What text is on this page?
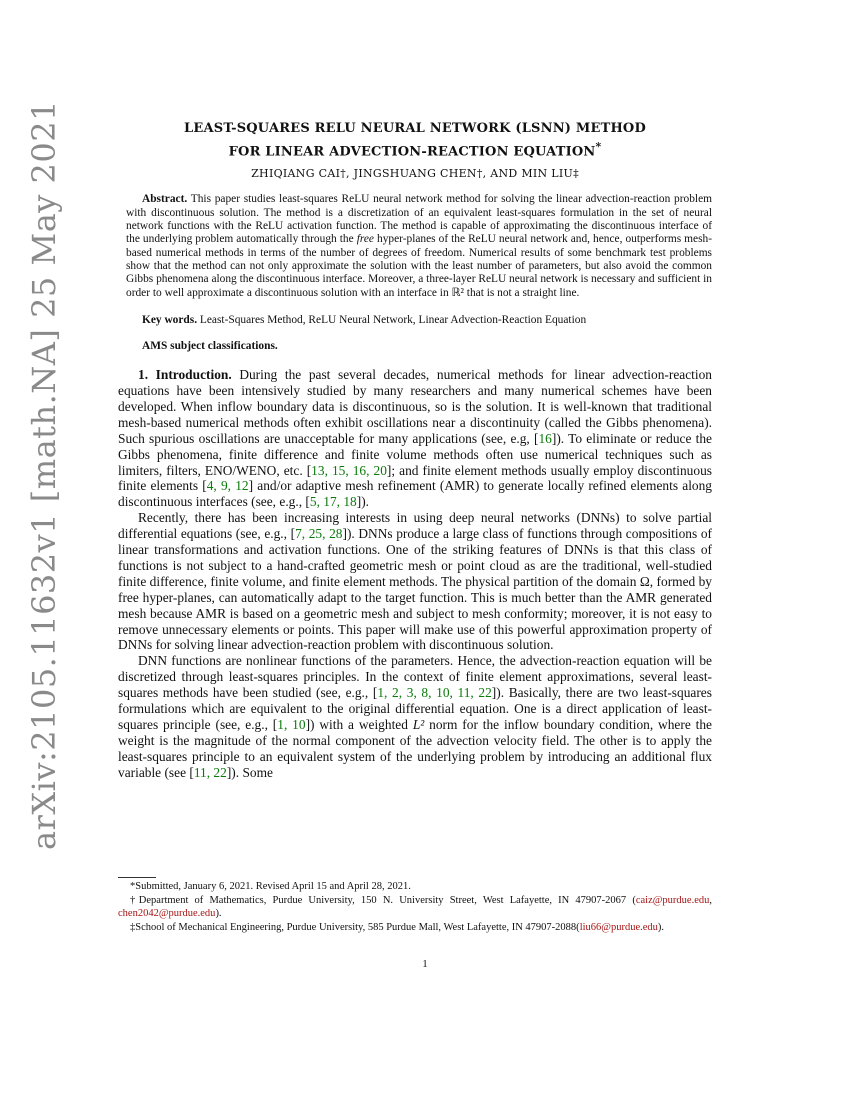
arXiv:2105.11632v1 [math.NA] 25 May 2021	LEAST-SQUARES RELU NEURAL NETWORK (LSNN) METHOD
FOR LINEAR ADVECTION-REACTION EQUATION*
ZHIQIANG CAI†, JINGSHUANG CHEN†, AND MIN LIU‡

Abstract. This paper studies least-squares ReLU neural network method for solving the linear advection-reaction problem with discontinuous solution. The method is a discretization of an equivalent least-squares formulation in the set of neural network functions with the ReLU activation function. The method is capable of approximating the discontinuous interface of the underlying problem automatically through the free hyper-planes of the ReLU neural network and, hence, outperforms mesh-based numerical methods in terms of the number of degrees of freedom. Numerical results of some benchmark test problems show that the method can not only approximate the solution with the least number of parameters, but also avoid the common Gibbs phenomena along the discontinuous interface. Moreover, a three-layer ReLU neural network is necessary and sufficient in order to well approximate a discontinuous solution with an interface in ℝ² that is not a straight line.

Key words. Least-Squares Method, ReLU Neural Network, Linear Advection-Reaction Equation
AMS subject classifications.

1. Introduction. During the past several decades, numerical methods for linear advection-reaction equations have been intensively studied by many researchers and many numerical schemes have been developed. When inflow boundary data is discontinuous, so is the solution. It is well-known that traditional mesh-based numerical methods often exhibit oscillations near a discontinuity (called the Gibbs phenomena). Such spurious oscillations are unacceptable for many applications (see, e.g, [16]). To eliminate or reduce the Gibbs phenomena, finite difference and finite volume methods often use numerical techniques such as limiters, filters, ENO/WENO, etc. [13, 15, 16, 20]; and finite element methods usually employ discontinuous finite elements [4, 9, 12] and/or adaptive mesh refinement (AMR) to generate locally refined elements along discontinuous interfaces (see, e.g., [5, 17, 18]).

Recently, there has been increasing interests in using deep neural networks (DNNs) to solve partial differential equations (see, e.g., [7, 25, 28]). DNNs produce a large class of functions through compositions of linear transformations and activation functions. One of the striking features of DNNs is that this class of functions is not subject to a hand-crafted geometric mesh or point cloud as are the traditional, well-studied finite difference, finite volume, and finite element methods. The physical partition of the domain Ω, formed by free hyper-planes, can automatically adapt to the target function. This is much better than the AMR generated mesh because AMR is based on a geometric mesh and subject to mesh conformity; moreover, it is not easy to remove unnecessary elements or points. This paper will make use of this powerful approximation property of DNNs for solving linear advection-reaction problem with discontinuous solution.

DNN functions are nonlinear functions of the parameters. Hence, the advection-reaction equation will be discretized through least-squares principles. In the context of finite element approximations, several least-squares methods have been studied (see, e.g., [1, 2, 3, 8, 10, 11, 22]). Basically, there are two least-squares formulations which are equivalent to the original differential equation. One is a direct application of least-squares principle (see, e.g., [1, 10]) with a weighted L² norm for the inflow boundary condition, where the weight is the magnitude of the normal component of the advection velocity field. The other is to apply the least-squares principle to an equivalent system of the underlying problem by introducing an additional flux variable (see [11, 22]). Some

*Submitted, January 6, 2021. Revised April 15 and April 28, 2021.

†Department of Mathematics, Purdue University, 150 N. University Street, West Lafayette, IN 47907-2067 (caiz@purdue.edu, chen2042@purdue.edu).

‡School of Mechanical Engineering, Purdue University, 585 Purdue Mall, West Lafayette, IN 47907-2088(liu66@purdue.edu).

1
